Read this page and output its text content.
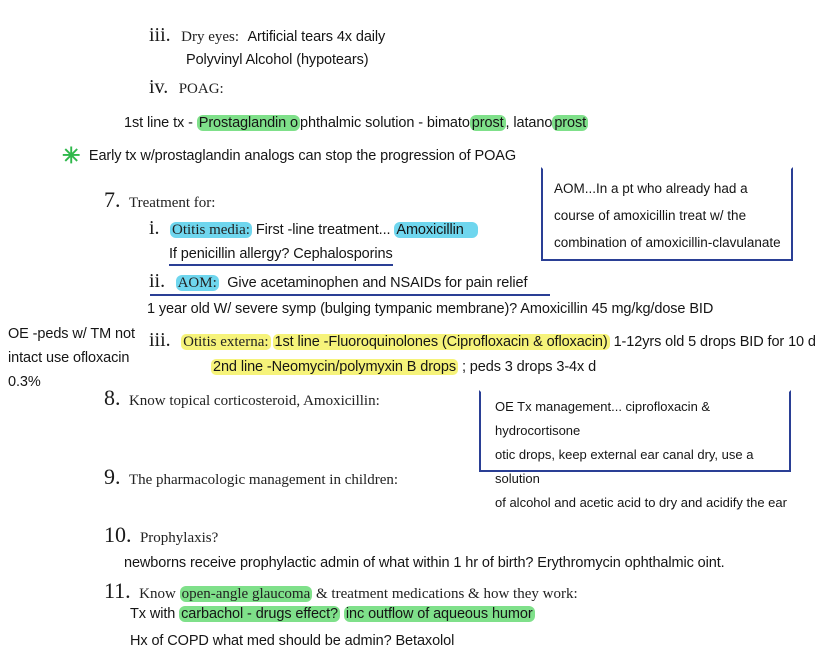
iii. Dry eyes: Artificial tears 4x daily
Polyvinyl Alcohol (hypotears)
iv. POAG:
1st line tx - Prostaglandin o phthalmic solution - bimato prost , latano prost
✳ Early tx w/prostaglandin analogs can stop the progression of POAG
AOM...In a pt who already had a
course of amoxicillin treat w/ the
combination of amoxicillin-clavulanate
7. Treatment for:
i. Otitis media: First -line treatment... Amoxicillin
If penicillin allergy? Cephalosporins
ii. AOM: Give acetaminophen and NSAIDs for pain relief
1 year old W/ severe symp (bulging tympanic membrane)? Amoxicillin 45 mg/kg/dose BID
OE -peds w/ TM not
intact use ofloxacin
0.3%
iii. Otitis externa: 1st line -Fluoroquinolones (Ciprofloxacin & ofloxacin) 1-12yrs old 5 drops BID for 10 d
2nd line -Neomycin/polymyxin B drops ; peds 3 drops 3-4x d
8. Know topical corticosteroid, Amoxicillin:	OE Tx management... ciprofloxacin & hydrocortisone
otic drops, keep external ear canal dry, use a solution
of alcohol and acetic acid to dry and acidify the ear
9. The pharmacologic management in children:
10. Prophylaxis?
newborns receive prophylactic admin of what within 1 hr of birth? Erythromycin ophthalmic oint.
11. Know open-angle glaucoma & treatment medications & how they work:
Tx with carbachol - drugs effect? inc outflow of aqueous humor
Hx of COPD what med should be admin? Betaxolol
